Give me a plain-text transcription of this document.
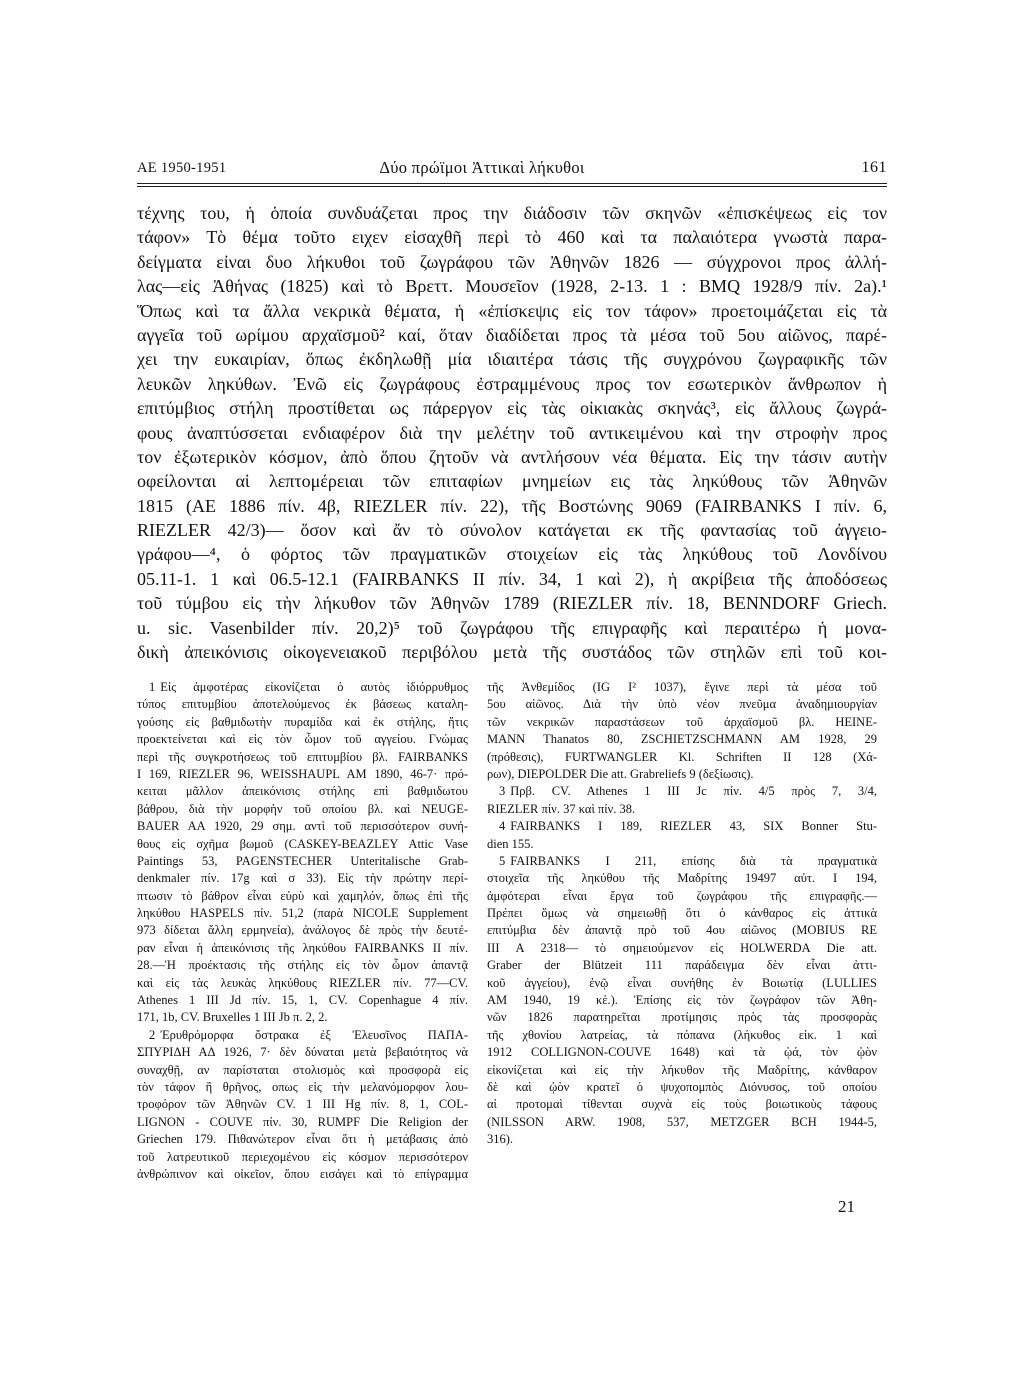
ΑΕ 1950-1951	Δύο πρώϊμοι Ἀττικαὶ λήκυθοι	161
τέχνης του, ἡ ὁποία συνδυάζεται προς την διάδοσιν τῶν σκηνῶν «ἐπισκέψεως εἰς τον
τάφον» Τὸ θέμα τοῦτο ειχεν εἰσαχθῆ περὶ τὸ 460 καὶ τα παλαιότερα γνωστὰ παρα-
δείγματα εἰναι δυο λήκυθοι τοῦ ζωγράφου τῶν Ἀθηνῶν 1826 — σύγχρονοι προς ἀλλή-
λας—εἰς Ἀθήνας (1825) καὶ τὸ Βρεττ. Μουσεῖον (1928, 2-13. 1 : BMQ 1928/9 πίν. 2a).¹
Ὅπως καὶ τα ἄλλα νεκρικὰ θέματα, ἡ «ἐπίσκεψις εἰς τον τάφον» προετοιμάζεται εἰς τὰ
αγγεῖα τοῦ ωρίμου αρχαϊσμοῦ² καί, ὅταν διαδίδεται προς τὰ μέσα τοῦ 5ου αἰῶνος, παρέ-
χει την ευκαιρίαν, ὅπως ἐκδηλωθῇ μία ιδιαιτέρα τάσις τῆς συγχρόνου ζωγραφικῆς τῶν
λευκῶν ληκύθων. Ἐνῶ εἰς ζωγράφους ἐστραμμένους προς τον εσωτερικὸν ἄνθρωπον ἡ
επιτύμβιος στήλη προστίθεται ως πάρεργον εἰς τὰς οἰκιακὰς σκηνάς³, εἰς ἄλλους ζωγρά-
φους ἀναπτύσσεται ενδιαφέρον διὰ την μελέτην τοῦ αντικειμένου καὶ την στροφὴν προς
τον ἐξωτερικὸν κόσμον, ἀπὸ ὅπου ζητοῦν νὰ αντλήσουν νέα θέματα. Εἰς την τάσιν αυτὴν
οφείλονται αἱ λεπτομέρειαι τῶν επιταφίων μνημείων εις τὰς ληκύθους τῶν Ἀθηνῶν
1815 (ΑΕ 1886 πίν. 4β, RIEZLER πίν. 22), τῆς Βοστώνης 9069 (FAIRBANKS I πίν. 6,
RIEZLER 42/3)— ὅσον καὶ ἄν τὸ σύνολον κατάγεται εκ τῆς φαντασίας τοῦ ἀγγειο-
γράφου—⁴, ὁ φόρτος τῶν πραγματικῶν στοιχείων εἰς τὰς ληκύθους τοῦ Λονδίνου
05.11-1. 1 καὶ 06.5-12.1 (FAIRBANKS II πίν. 34, 1 καὶ 2), ἡ ακρίβεια τῆς ἀποδόσεως
τοῦ τύμβου εἰς τὴν λήκυθον τῶν Ἀθηνῶν 1789 (RIEZLER πίν. 18, BENNDORF Griech.
u. sic. Vasenbilder πίν. 20,2)⁵ τοῦ ζωγράφου τῆς επιγραφῆς καὶ περαιτέρω ἡ μονα-
δικὴ ἀπεικόνισις οἰκογενειακοῦ περιβόλου μετὰ τῆς συστάδος τῶν στηλῶν επὶ τοῦ κοι-
1 Εἰς ἀμφοτέρας εἰκονίζεται ὁ αυτὸς ἰδιόρρυθμος
τύπος επιτυμβίου ἀποτελούμενος ἐκ βάσεως καταλη-
γούσης εἰς βαθμιδωτὴν πυραμίδα καὶ ἐκ στήλης, ἥτις
προεκτείνεται καὶ εἰς τὸν ὦμον τοῦ αγγείου. Γνώμας
περὶ τῆς συγκροτήσεως τοῦ επιτυμβίου βλ. FAIRBANKS
I 169, RIEZLER 96, WEISSHAUPL AM 1890, 46-7· πρό-
κειται μᾶλλον ἀπεικόνισις στήλης επὶ βαθμιδωτου
βάθρου, διὰ τὴν μορφὴν τοῦ οποίου βλ. καὶ NEUGE-
BAUER AA 1920, 29 σημ. αντὶ τοῦ περισσότερον συνή-
θους εἰς σχῆμα βωμοῦ (CASKEY-BEAZLEY Attic Vase
Paintings 53, PAGENSTECHER Unteritalische Grab-
denkmaler πίν. 17g καὶ σ 33). Εἰς τὴν πρώτην περί-
πτωσιν τὸ βάθρον εἶναι εὐρὺ καὶ χαμηλόν, ὅπως ἐπὶ τῆς
ληκύθου HASPELS πίν. 51,2 (παρὰ NICOLE Supplement
973 δίδεται ἄλλη ερμηνεία), ἀνάλογος δὲ πρὸς τὴν δευτέ-
ραν εἶναι ἡ ἀπεικόνισις τῆς ληκύθου FAIRBANKS II πίν.
28.—Ἡ προέκτασις τῆς στήλης εἰς τὸν ὦμον ἀπαντᾷ
καὶ εἰς τὰς λευκὰς ληκύθους RIEZLER πίν. 77—CV.
Athenes 1 III Jd πίν. 15, 1, CV. Copenhague 4 πίν.
171, 1b, CV. Bruxelles 1 III Jb π. 2, 2.
2 Ἐρυθρόμορφα ὄστρακα ἐξ Ἐλευσῖνος ΠΑΠΑ-
ΣΠΥΡΙΔΗ ΑΔ 1926, 7· δὲν δύναται μετὰ βεβαιότητος νὰ
συναχθῇ, αν παρίσταται στολισμὸς καὶ προσφορὰ εἰς
τὸν τάφον ἢ θρῆνος, οπως εἰς τὴν μελανόμορφον λου-
τροφόρον τῶν Ἀθηνῶν CV. 1 III Hg πίν. 8, 1, COL-
LIGNON - COUVE πίν. 30, RUMPF Die Religion der
Griechen 179. Πιθανώτερον εἶναι ὅτι ἡ μετάβασις ἀπὸ
τοῦ λατρευτικοῦ περιεχομένου εἰς κόσμον περισσότερον
ἀνθρώπινον καὶ οἰκεῖον, ὅπου εισάγει καὶ τὸ επίγραμμα
τῆς Ἀνθεμίδος (IG I² 1037), ἔγινε περὶ τὰ μέσα τοῦ
5ου αἰῶνος. Διὰ τὴν ὑπὸ νέον πνεῦμα ἀναδημιουργίαν
τῶν νεκρικῶν παραστάσεων τοῦ ἀρχαϊσμοῦ βλ. HEINE-
MANN Thanatos 80, ZSCHIETZSCHMANN AM 1928, 29
(πρόθεσις), FURTWANGLER Kl. Schriften II 128 (Χά-
ρων), DIEPOLDER Die att. Grabreliefs 9 (δεξίωσις).
3 Πρβ. CV. Athenes 1 III Jc πίν. 4/5 πρὸς 7, 3/4,
RIEZLER πίν. 37 καὶ πίν. 38.
4 FAIRBANKS I 189, RIEZLER 43, SIX Bonner Stu-
dien 155.
5 FAIRBANKS I 211, επίσης διὰ τὰ πραγματικὰ
στοιχεῖα τῆς ληκύθου τῆς Μαδρίτης 19497 αὐτ. I 194,
ἀμφότεραι εἶναι ἔργα τοῦ ζωγράφου τῆς επιγραφῆς.—
Πρέπει ὅμως νὰ σημειωθῇ ὅτι ὁ κάνθαρος εἰς ἀττικὰ
επιτύμβια δὲν ἀπαντᾷ πρὸ τοῦ 4ου αἰῶνος (MOBIUS RE
III A 2318— τὸ σημειούμενον εἰς HOLWERDA Die att.
Graber der Blützeit 111 παράδειγμα δὲν εἶναι ἀττι-
κοῦ ἀγγείου), ἐνῷ εἶναι συνήθης ἐν Βοιωτίᾳ (LULLIES
AM 1940, 19 κἑ.). Ἐπίσης εἰς τὸν ζωγράφον τῶν Ἀθη-
νῶν 1826 παρατηρεῖται προτίμησις πρὸς τὰς προσφορὰς
τῆς χθονίου λατρείας, τὰ πόπανα (λήκυθος εἰκ. 1 καὶ
1912 COLLIGNON-COUVE 1648) καὶ τὰ ᾠά, τὸν ᾠὸν
εἰκονίζεται καὶ εἰς τὴν λήκυθον τῆς Μαδρίτης, κάνθαρον
δὲ καὶ ᾠὸν κρατεῖ ὁ ψυχοπομπὸς Διόνυσος, τοῦ οποίου
αἱ προτομαὶ τίθενται συχνὰ εἰς τοὺς βοιωτικοὺς τάφους
(NILSSON ARW. 1908, 537, METZGER BCH 1944-5,
316).
21
